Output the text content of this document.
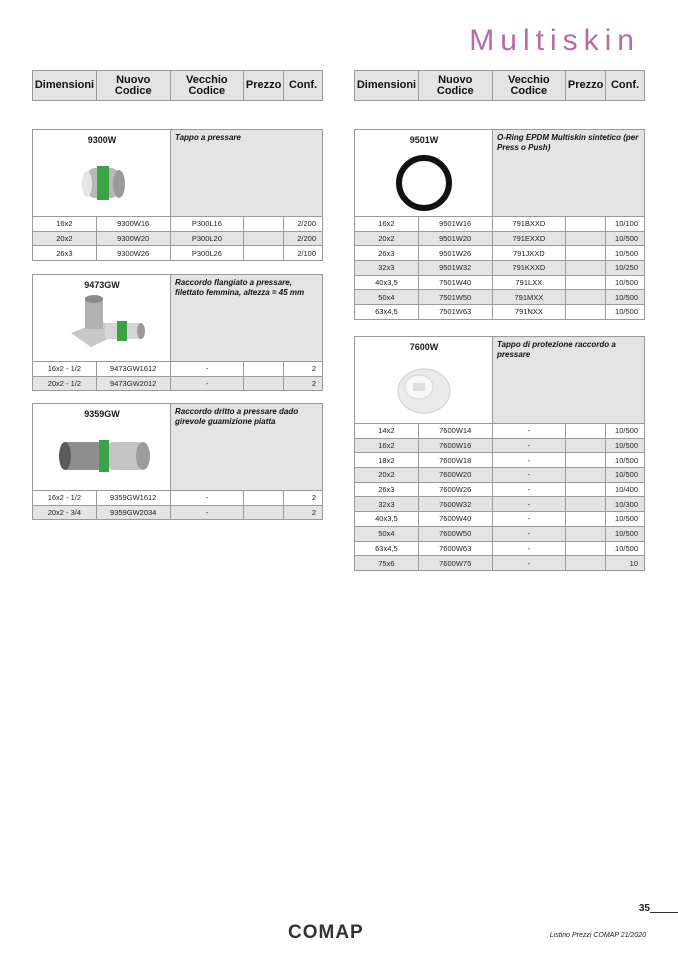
Multiskin
Dimensioni	Nuovo Codice	Vecchio Codice	Prezzo	Conf.	Dimensioni	Nuovo Codice	Vecchio Codice	Prezzo	Conf.
9300W	Tappo a pressare
16x2	9300W16	P300L16		2/200
20x2	9300W20	P300L20		2/200
26x3	9300W26	P300L26		2/100
9473GW	Raccordo flangiato a pressare, filettato femmina, altezza = 45 mm
16x2 - 1/2	9473GW1612	-		2
20x2 - 1/2	9473GW2012	-		2
9359GW	Raccordo dritto a pressare dado girevole guamizione piatta
16x2 - 1/2	9359GW1612	-		2
20x2 - 3/4	9359GW2034	-		2
9501W	O-Ring EPDM Multiskin sintetico (per Press o Push)
16x2	9501W16	791BXXD		10/100
20x2	9501W20	791EXXD		10/500
26x3	9501W26	791JXXD		10/500
32x3	9501W32	791KXXD		10/250
40x3,5	7501W40	791LXX		10/500
50x4	7501W50	791MXX		10/500
63x4,5	7501W63	791NXX		10/500
7600W	Tappo di protezione raccordo a pressare
14x2	7600W14	-		10/500
16x2	7600W16	-		10/500
18x2	7600W18	-		10/500
20x2	7600W20	-		10/500
26x3	7600W26	-		10/400
32x3	7600W32	-		10/300
40x3,5	7600W40	-		10/500
50x4	7600W50	-		10/500
63x4,5	7600W63	-		10/500
75x6	7600W75	-		10
35
COMAP	Listino Prezzi COMAP 21/2020
